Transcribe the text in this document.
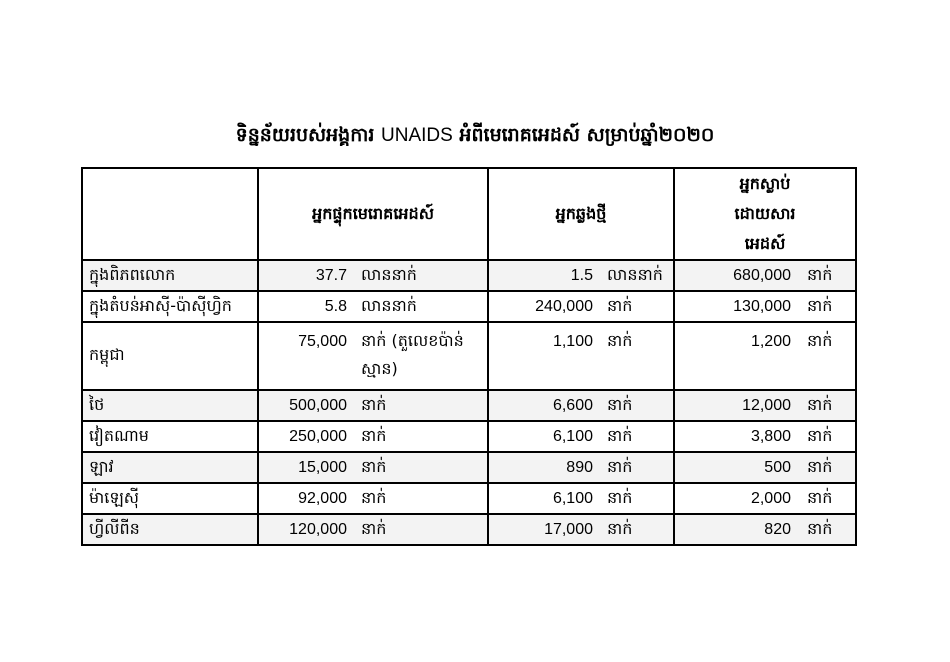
ទិន្នន័យរបស់អង្គការ UNAIDS អំពីមេរោគអេដស៍ សម្រាប់ឆ្នាំ២០២០
	អ្នកផ្ទុកមេរោគអេដស៍	អ្នកឆ្លងថ្មី	អ្នកស្លាប់ ដោយសារអេដស៍
ក្នុងពិភពលោក	37.7 លាននាក់	1.5 លាននាក់	680,000 នាក់
ក្នុងតំបន់អាស៊ី-ប៉ាស៊ីហ្វិក	5.8 លាននាក់	240,000 នាក់	130,000 នាក់
កម្ពុជា	75,000 នាក់ (តួលេខប៉ាន់ស្មាន)	1,100 នាក់	1,200 នាក់
ថៃ	500,000 នាក់	6,600 នាក់	12,000 នាក់
វៀតណាម	250,000 នាក់	6,100 នាក់	3,800 នាក់
ឡាវ	15,000 នាក់	890 នាក់	500 នាក់
ម៉ាឡេស៊ី	92,000 នាក់	6,100 នាក់	2,000 នាក់
ហ្វីលីពីន	120,000 នាក់	17,000 នាក់	820 នាក់
